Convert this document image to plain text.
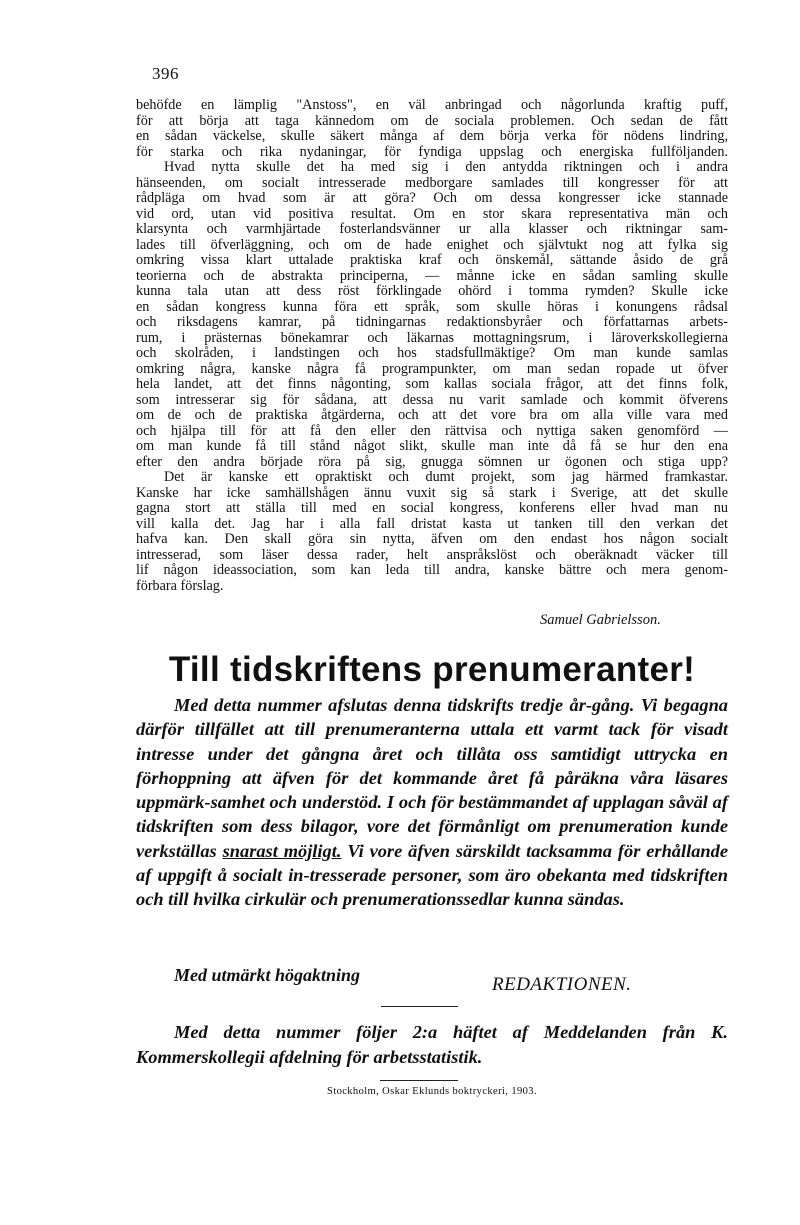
396
behöfde en lämplig "Anstoss", en väl anbringad och någorlunda kraftig puff,
för att börja att taga kännedom om de sociala problemen. Och sedan de fått
en sådan väckelse, skulle säkert många af dem börja verka för nödens lindring,
för starka och rika nydaningar, för fyndiga uppslag och energiska fullföljanden.
Hvad nytta skulle det ha med sig i den antydda riktningen och i andra
hänseenden, om socialt intresserade medborgare samlades till kongresser för att
rådpläga om hvad som är att göra? Och om dessa kongresser icke stannade
vid ord, utan vid positiva resultat. Om en stor skara representativa män och
klarsynta och varmhjärtade fosterlandsvänner ur alla klasser och riktningar sam-
lades till öfverläggning, och om de hade enighet och självtukt nog att fylka sig
omkring vissa klart uttalade praktiska kraf och önskemål, sättande åsido de grå
teorierna och de abstrakta principerna, — månne icke en sådan samling skulle
kunna tala utan att dess röst förklingade ohörd i tomma rymden? Skulle icke
en sådan kongress kunna föra ett språk, som skulle höras i konungens rådsal
och riksdagens kamrar, på tidningarnas redaktionsbyråer och författarnas arbets-
rum, i prästernas bönekamrar och läkarnas mottagningsrum, i läroverkskollegierna
och skolråden, i landstingen och hos stadsfullmäktige? Om man kunde samlas
omkring några, kanske några få programpunkter, om man sedan ropade ut öfver
hela landet, att det finns någonting, som kallas sociala frågor, att det finns folk,
som intresserar sig för sådana, att dessa nu varit samlade och kommit öfverens
om de och de praktiska åtgärderna, och att det vore bra om alla ville vara med
och hjälpa till för att få den eller den rättvisa och nyttiga saken genomförd —
om man kunde få till stånd något slikt, skulle man inte då få se hur den ena
efter den andra började röra på sig, gnugga sömnen ur ögonen och stiga upp?
Det är kanske ett opraktiskt och dumt projekt, som jag härmed framkastar.
Kanske har icke samhällshågen ännu vuxit sig så stark i Sverige, att det skulle
gagna stort att ställa till med en social kongress, konferens eller hvad man nu
vill kalla det. Jag har i alla fall dristat kasta ut tanken till den verkan det
hafva kan. Den skall göra sin nytta, äfven om den endast hos någon socialt
intresserad, som läser dessa rader, helt anspråkslöst och oberäknadt väcker till
lif någon ideassociation, som kan leda till andra, kanske bättre och mera genom-
förbara förslag.
Samuel Gabrielsson.
Till tidskriftens prenumeranter!
Med detta nummer afslutas denna tidskrifts tredje år-gång. Vi begagna därför tillfället att till prenumeranterna uttala ett varmt tack för visadt intresse under det gångna året och tillåta oss samtidigt uttrycka en förhoppning att äfven för det kommande året få påräkna våra läsares uppmärk-samhet och understöd. I och för bestämmandet af upplagan såväl af tidskriften som dess bilagor, vore det förmånligt om prenumeration kunde verkställas snarast möjligt. Vi vore äfven särskildt tacksamma för erhållande af uppgift å socialt in-tresserade personer, som äro obekanta med tidskriften och till hvilka cirkulär och prenumerationssedlar kunna sändas.
Med utmärkt högaktning	REDAKTIONEN.
Med detta nummer följer 2:a häftet af Meddelanden från K. Kommerskollegii afdelning för arbetsstatistik.
Stockholm, Oskar Eklunds boktryckeri, 1903.
